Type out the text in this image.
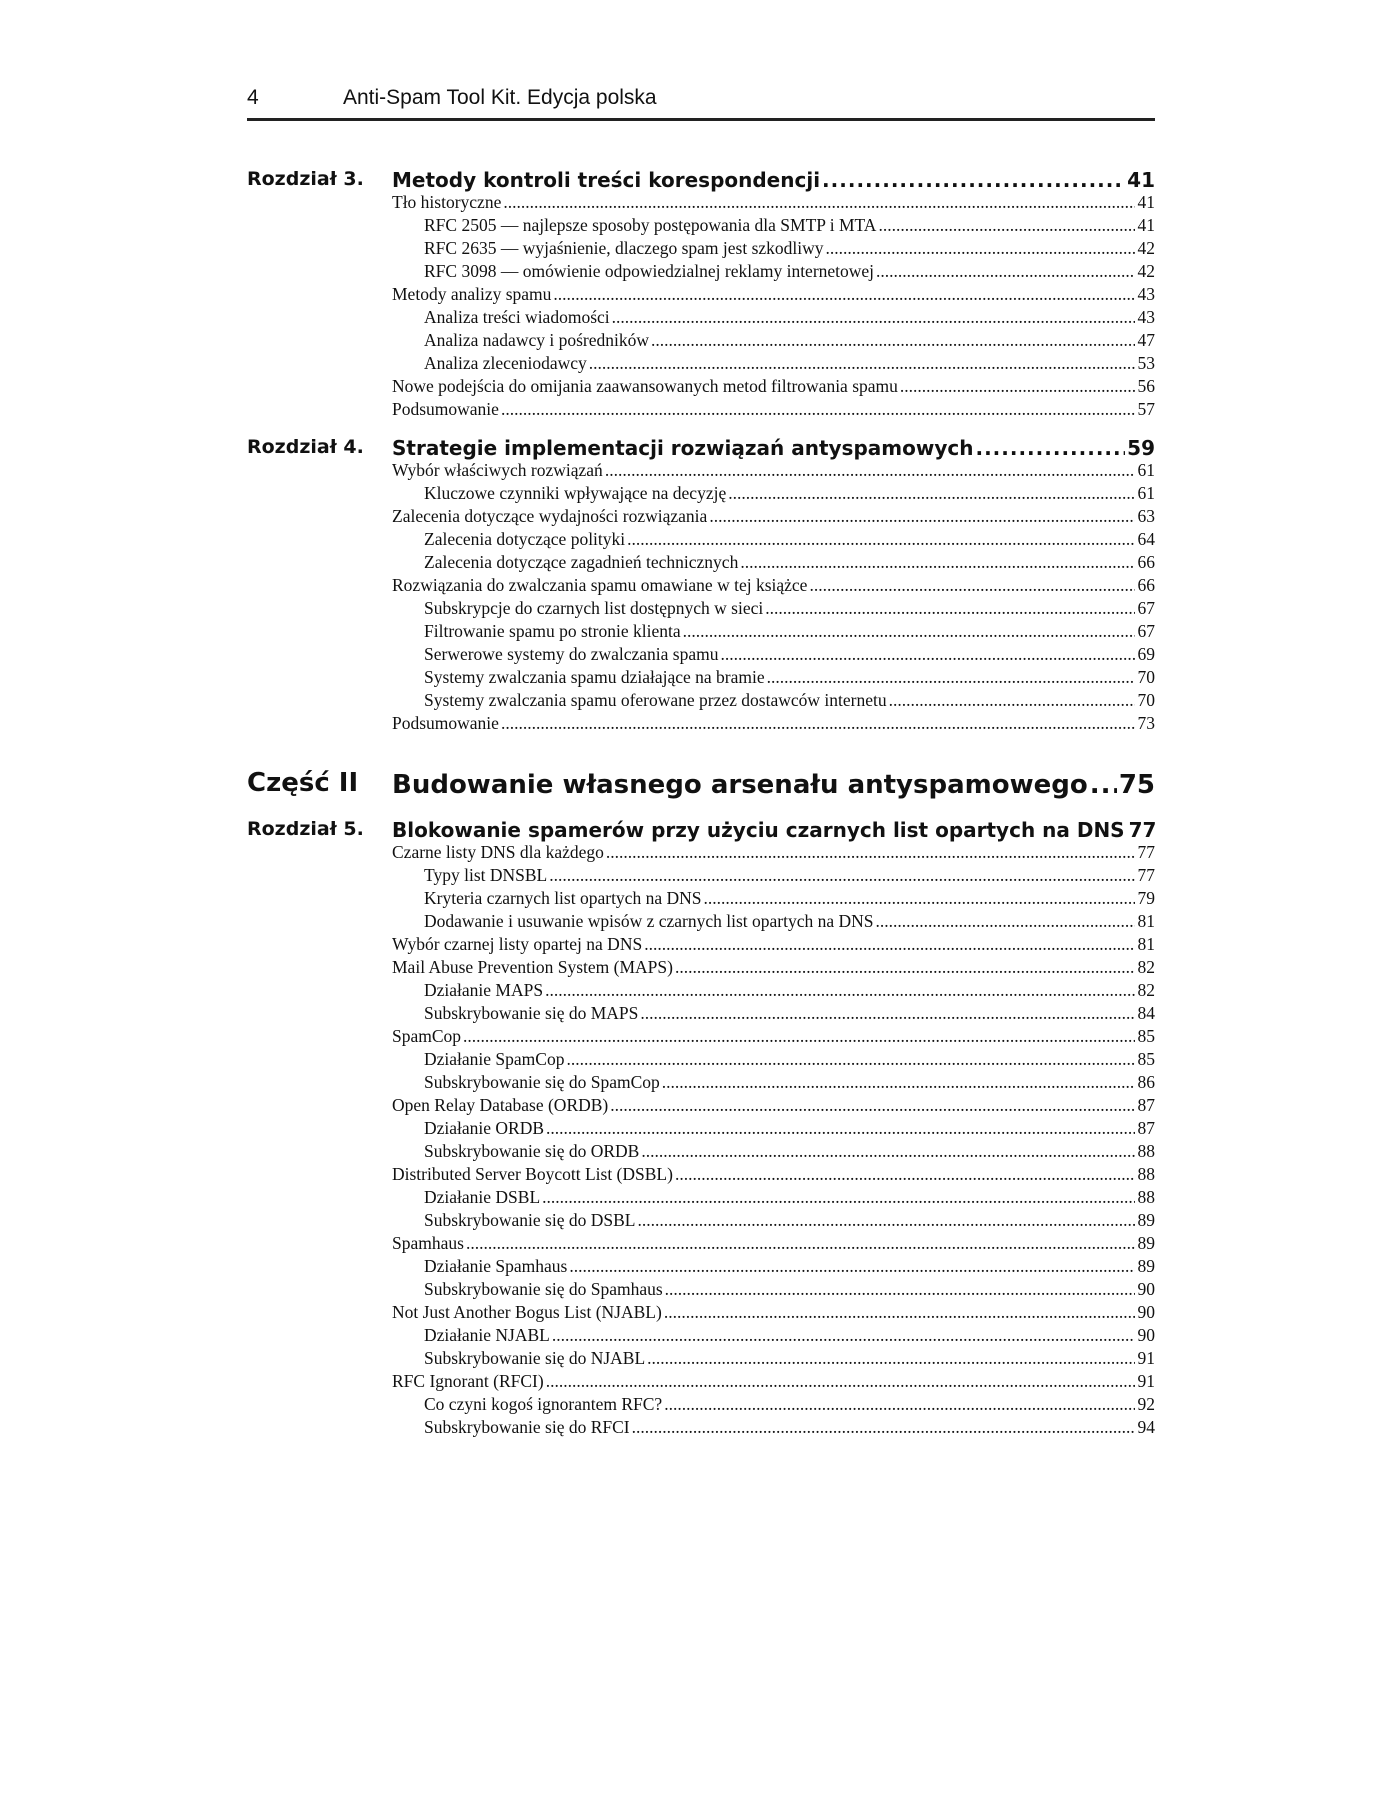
4	Anti-Spam Tool Kit. Edycja polska
Rozdział 3. Metody kontroli treści korespondencji .....	41
Tło historyczne .....	41
RFC 2505 — najlepsze sposoby postępowania dla SMTP i MTA .....	41
RFC 2635 — wyjaśnienie, dlaczego spam jest szkodliwy .....	42
RFC 3098 — omówienie odpowiedzialnej reklamy internetowej .....	42
Metody analizy spamu .....	43
Analiza treści wiadomości .....	43
Analiza nadawcy i pośredników .....	47
Analiza zleceniodawcy .....	53
Nowe podejścia do omijania zaawansowanych metod filtrowania spamu .....	56
Podsumowanie .....	57
Rozdział 4. Strategie implementacji rozwiązań antyspamowych .....	59
Wybór właściwych rozwiązań .....	61
Kluczowe czynniki wpływające na decyzję .....	61
Zalecenia dotyczące wydajności rozwiązania .....	63
Zalecenia dotyczące polityki .....	64
Zalecenia dotyczące zagadnień technicznych .....	66
Rozwiązania do zwalczania spamu omawiane w tej książce .....	66
Subskrypcje do czarnych list dostępnych w sieci .....	67
Filtrowanie spamu po stronie klienta .....	67
Serwerowe systemy do zwalczania spamu .....	69
Systemy zwalczania spamu działające na bramie .....	70
Systemy zwalczania spamu oferowane przez dostawców internetu .....	70
Podsumowanie .....	73
Część II Budowanie własnego arsenału antyspamowego ..... 75
Rozdział 5. Blokowanie spamerów przy użyciu czarnych list opartych na DNS 77
Czarne listy DNS dla każdego .....	77
Typy list DNSBL .....	77
Kryteria czarnych list opartych na DNS .....	79
Dodawanie i usuwanie wpisów z czarnych list opartych na DNS .....	81
Wybór czarnej listy opartej na DNS .....	81
Mail Abuse Prevention System (MAPS) .....	82
Działanie MAPS .....	82
Subskrybowanie się do MAPS .....	84
SpamCop .....	85
Działanie SpamCop .....	85
Subskrybowanie się do SpamCop .....	86
Open Relay Database (ORDB) .....	87
Działanie ORDB .....	87
Subskrybowanie się do ORDB .....	88
Distributed Server Boycott List (DSBL) .....	88
Działanie DSBL .....	88
Subskrybowanie się do DSBL .....	89
Spamhaus .....	89
Działanie Spamhaus .....	89
Subskrybowanie się do Spamhaus .....	90
Not Just Another Bogus List (NJABL) .....	90
Działanie NJABL .....	90
Subskrybowanie się do NJABL .....	91
RFC Ignorant (RFCI) .....	91
Co czyni kogoś ignorantem RFC? .....	92
Subskrybowanie się do RFCI .....	94
